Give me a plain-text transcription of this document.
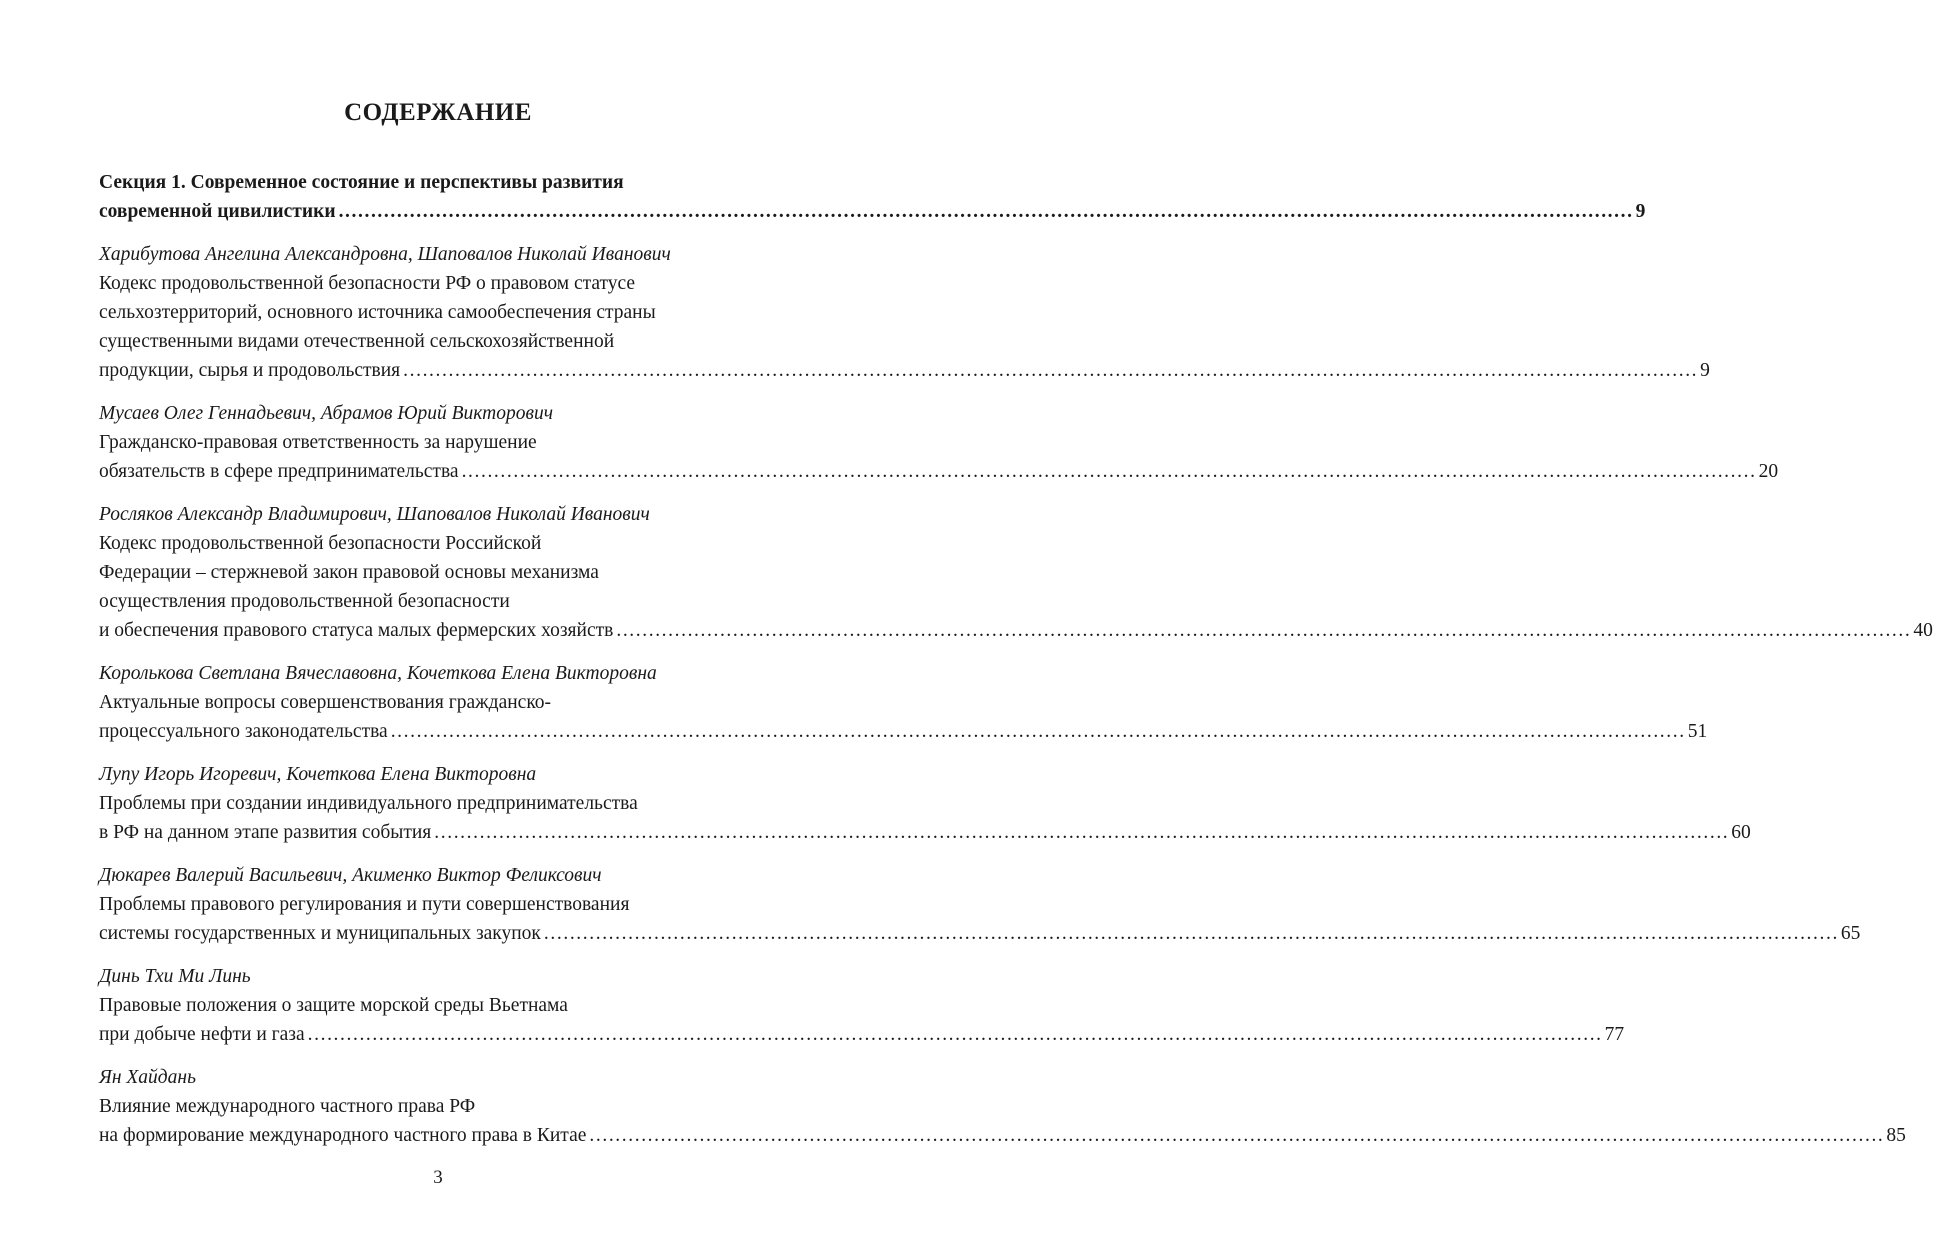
СОДЕРЖАНИЕ
Секция 1. Современное состояние и перспективы развития
современной цивилистики ........................................................................................................................................................................................................ 9
Харибутова Ангелина Александровна, Шаповалов Николай Иванович
Кодекс продовольственной безопасности РФ о правовом статусе
сельхозтерриторий, основного источника самообеспечения страны
существенными видами отечественной сельскохозяйственной
продукции, сырья и продовольствия ........................................................................................................................................................................................................ 9
Мусаев Олег Геннадьевич, Абрамов Юрий Викторович
Гражданско-правовая ответственность за нарушение
обязательств в сфере предпринимательства ........................................................................................................................................................................................................ 20
Росляков Александр Владимирович, Шаповалов Николай Иванович
Кодекс продовольственной безопасности Российской
Федерации – стержневой закон правовой основы механизма
осуществления продовольственной безопасности
и обеспечения правового статуса малых фермерских хозяйств ........................................................................................................................................................................................................ 40
Королькова Светлана Вячеславовна, Кочеткова Елена Викторовна
Актуальные вопросы совершенствования гражданско-
процессуального законодательства ........................................................................................................................................................................................................ 51
Лупу Игорь Игоревич, Кочеткова Елена Викторовна
Проблемы при создании индивидуального предпринимательства
в РФ на данном этапе развития события ........................................................................................................................................................................................................ 60
Дюкарев Валерий Васильевич, Акименко Виктор Феликсович
Проблемы правового регулирования и пути совершенствования
системы государственных и муниципальных закупок ........................................................................................................................................................................................................ 65
Динь Тхи Ми Линь
Правовые положения о защите морской среды Вьетнама
при добыче нефти и газа ........................................................................................................................................................................................................ 77
Ян Хайдань
Влияние международного частного права РФ
на формирование международного частного права в Китае ........................................................................................................................................................................................................ 85
3
